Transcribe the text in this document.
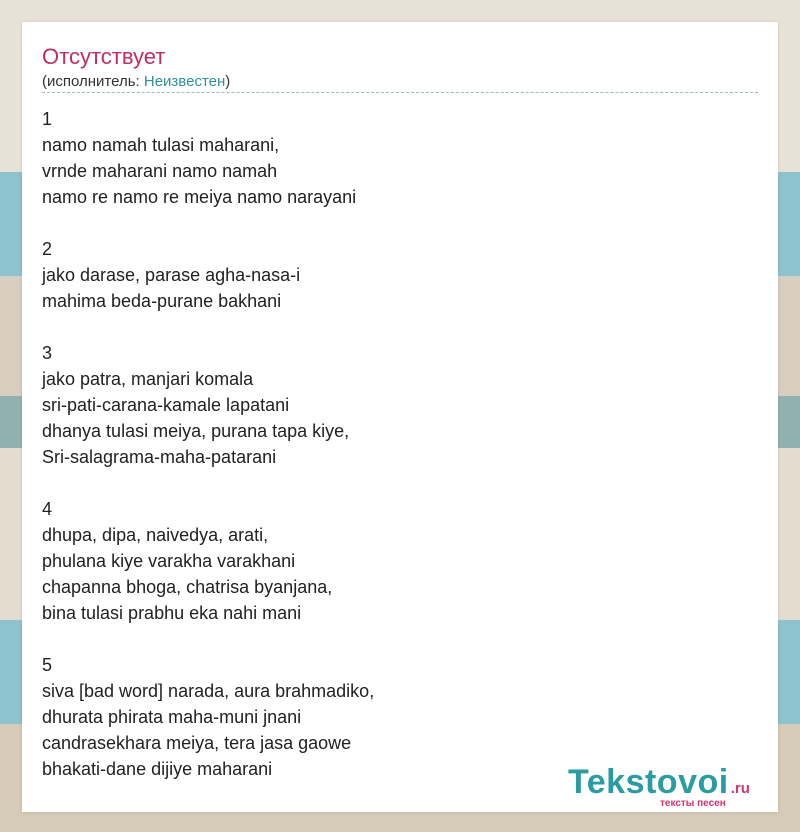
Отсутствует
(исполнитель: Неизвестен)
1
namo namah tulasi maharani,
vrnde maharani namo namah
namo re namo re meiya namo narayani
2
jako darase, parase agha-nasa-i
mahima beda-purane bakhani
3
jako patra, manjari komala
sri-pati-carana-kamale lapatani
dhanya tulasi meiya, purana tapa kiye,
Sri-salagrama-maha-patarani
4
dhupa, dipa, naivedya, arati,
phulana kiye varakha varakhani
chapanna bhoga, chatrisa byanjana,
bina tulasi prabhu eka nahi mani
5
siva [bad word] narada, aura brahmadiko,
dhurata phirata maha-muni jnani
candrasekhara meiya, tera jasa gaowe
bhakati-dane dijiye maharani	Tekstovoi .ru
тексты песен
